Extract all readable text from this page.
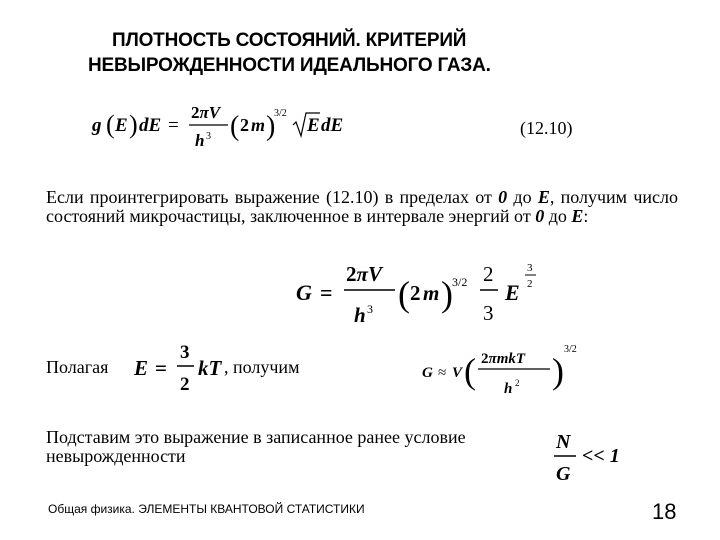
ПЛОТНОСТЬ СОСТОЯНИЙ. КРИТЕРИЙ
НЕВЫРОЖДЕННОСТИ ИДЕАЛЬНОГО ГАЗА.
g ( E ) dE =
2πV
h 3 ( 2 m )
3/2
E dE	(12.10)
Если проинтегрировать выражение (12.10) в пределах от 0 до E, получим число состояний микрочастицы, заключенное в интервале энергий от 0 до E:
G =
2πV
h 3 ( 2 m ) 3/2 2
3
E
3
2
Полагая E =
3
2
kT , получим	G ≈ V ( 2πmkT
h 2 )
3/2
Подставим это выражение в записанное ранее условие невырожденности
N
G
<< 1
Общая физика. ЭЛЕМЕНТЫ КВАНТОВОЙ СТАТИСТИКИ	18
